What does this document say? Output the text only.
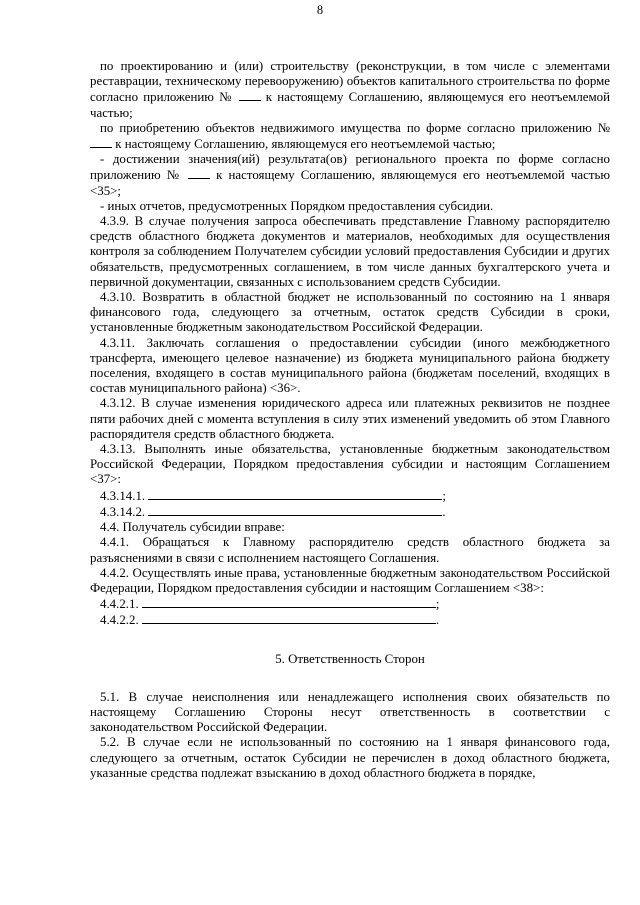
8

по проектированию и (или) строительству (реконструкции, в том числе с элементами реставрации, техническому перевооружению) объектов капитального строительства по форме согласно приложению №	к настоящему Соглашению, являющемуся его неотъемлемой частью;

по приобретению объектов недвижимого имущества по форме согласно приложению №  к настоящему Соглашению, являющемуся его неотъемлемой частью;

- достижении значения(ий) результата(ов) регионального проекта по форме согласно приложению №	к настоящему Соглашению, являющемуся его неотъемлемой частью <35>;

- иных отчетов, предусмотренных Порядком предоставления субсидии.

4.3.9. В случае получения запроса обеспечивать представление Главному распорядителю средств областного бюджета документов и материалов, необходимых для осуществления контроля за соблюдением Получателем субсидии условий предоставления Субсидии и других обязательств, предусмотренных соглашением, в том числе данных бухгалтерского учета и первичной документации, связанных с использованием средств Субсидии.

4.3.10. Возвратить в областной бюджет не использованный по состоянию на 1 января финансового года, следующего за отчетным, остаток средств Субсидии в сроки, установленные бюджетным законодательством Российской Федерации.

4.3.11. Заключать соглашения о предоставлении субсидии (иного межбюджетного трансферта, имеющего целевое назначение) из бюджета муниципального района бюджету поселения, входящего в состав муниципального района (бюджетам поселений, входящих в состав муниципального района) <36>.

4.3.12. В случае изменения юридического адреса или платежных реквизитов не позднее пяти рабочих дней с момента вступления в силу этих изменений уведомить об этом Главного распорядителя средств областного бюджета.

4.3.13. Выполнять иные обязательства, установленные бюджетным законодательством Российской Федерации, Порядком предоставления субсидии и настоящим Соглашением <37>:

4.3.14.1.	;

4.3.14.2.	.

4.4. Получатель субсидии вправе:

4.4.1. Обращаться к Главному распорядителю средств областного бюджета за разъяснениями в связи с исполнением настоящего Соглашения.

4.4.2. Осуществлять иные права, установленные бюджетным законодательством Российской Федерации, Порядком предоставления субсидии и настоящим Соглашением <38>:

4.4.2.1.	;

4.4.2.2.	.

5. Ответственность Сторон

5.1. В случае неисполнения или ненадлежащего исполнения своих обязательств по настоящему Соглашению Стороны несут ответственность в соответствии с законодательством Российской Федерации.

5.2. В случае если не использованный по состоянию на 1 января финансового года, следующего за отчетным, остаток Субсидии не перечислен в доход областного бюджета, указанные средства подлежат взысканию в доход областного бюджета в порядке,
